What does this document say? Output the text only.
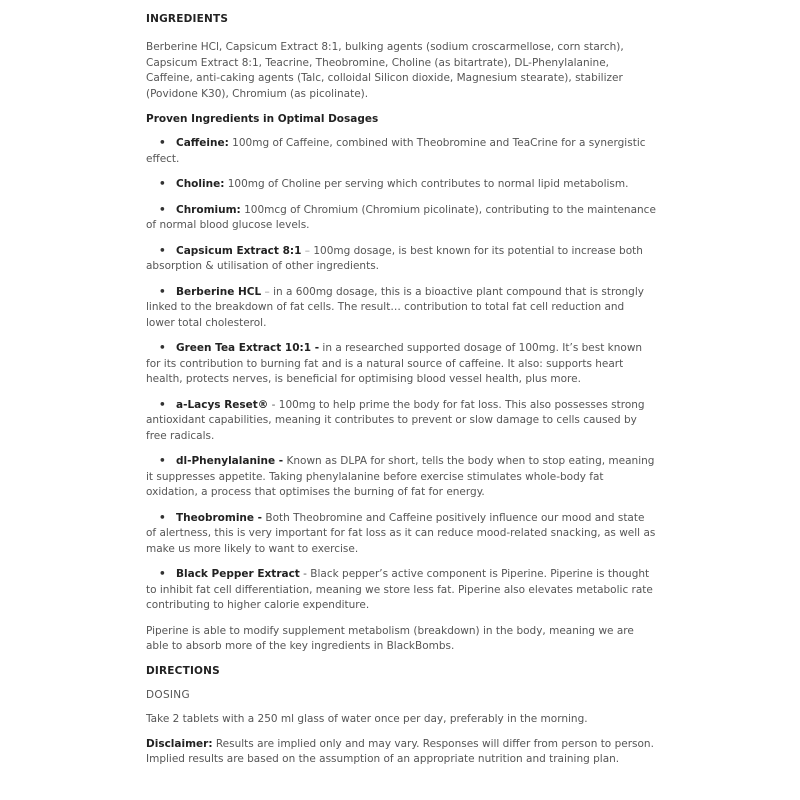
INGREDIENTS

Berberine HCl, Capsicum Extract 8:1, bulking agents (sodium croscarmellose, corn starch), Capsicum Extract 8:1, Teacrine, Theobromine, Choline (as bitartrate), DL-Phenylalanine, Caffeine, anti-caking agents (Talc, colloidal Silicon dioxide, Magnesium stearate), stabilizer (Povidone K30), Chromium (as picolinate).

Proven Ingredients in Optimal Dosages
• Caffeine: 100mg of Caffeine, combined with Theobromine and TeaCrine for a synergistic effect.
• Choline: 100mg of Choline per serving which contributes to normal lipid metabolism.
• Chromium: 100mcg of Chromium (Chromium picolinate), contributing to the maintenance of normal blood glucose levels.
• Capsicum Extract 8:1 – 100mg dosage, is best known for its potential to increase both absorption & utilisation of other ingredients.
• Berberine HCL – in a 600mg dosage, this is a bioactive plant compound that is strongly linked to the breakdown of fat cells. The result… contribution to total fat cell reduction and lower total cholesterol.
• Green Tea Extract 10:1 - in a researched supported dosage of 100mg. It’s best known for its contribution to burning fat and is a natural source of caffeine. It also: supports heart health, protects nerves, is beneficial for optimising blood vessel health, plus more.
• a-Lacys Reset® - 100mg to help prime the body for fat loss. This also possesses strong antioxidant capabilities, meaning it contributes to prevent or slow damage to cells caused by free radicals.
• dl-Phenylalanine - Known as DLPA for short, tells the body when to stop eating, meaning it suppresses appetite. Taking phenylalanine before exercise stimulates whole-body fat oxidation, a process that optimises the burning of fat for energy.
• Theobromine - Both Theobromine and Caffeine positively influence our mood and state of alertness, this is very important for fat loss as it can reduce mood-related snacking, as well as make us more likely to want to exercise.
• Black Pepper Extract - Black pepper’s active component is Piperine. Piperine is thought to inhibit fat cell differentiation, meaning we store less fat. Piperine also elevates metabolic rate contributing to higher calorie expenditure.

Piperine is able to modify supplement metabolism (breakdown) in the body, meaning we are able to absorb more of the key ingredients in BlackBombs.

DIRECTIONS

DOSING

Take 2 tablets with a 250 ml glass of water once per day, preferably in the morning.

Disclaimer: Results are implied only and may vary. Responses will differ from person to person. Implied results are based on the assumption of an appropriate nutrition and training plan.
